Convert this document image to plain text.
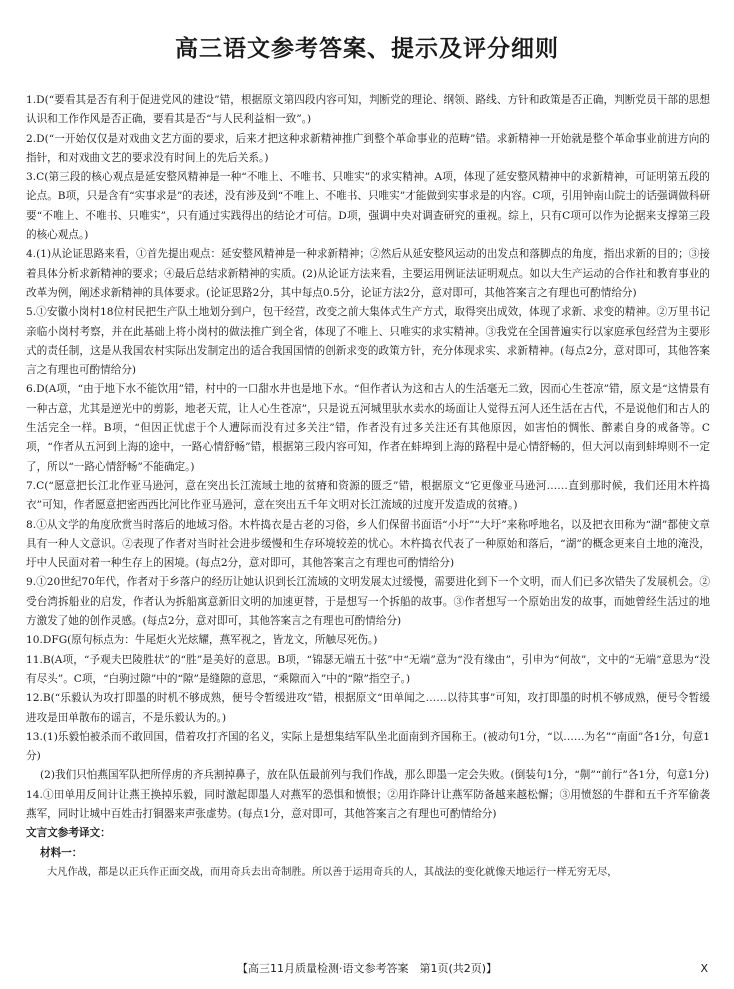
高三语文参考答案、提示及评分细则

1.D(“要看其是否有利于促进党风的建设”错，根据原文第四段内容可知，判断党的理论、纲领、路线、方针和政策是否正确，判断党员干部的思想认识和工作作风是否正确，要看其是否“与人民利益相一致”。)

2.D(“一开始仅仅是对戏曲文艺方面的要求，后来才把这种求新精神推广到整个革命事业的范畴”错。求新精神一开始就是整个革命事业前进方向的指针，和对戏曲文艺的要求没有时间上的先后关系。)

3.C(第三段的核心观点是延安整风精神是一种“不唯上、不唯书、只唯实”的求实精神。A项，体现了延安整风精神中的求新精神，可证明第五段的论点。B项，只是含有“实事求是”的表述，没有涉及到“不唯上、不唯书、只唯实”才能做到实事求是的内容。C项，引用钟南山院士的话强调做科研要“不唯上、不唯书、只唯实”，只有通过实践得出的结论才可信。D项，强调中央对调查研究的重视。综上，只有C项可以作为论据来支撑第三段的核心观点。)

4.(1)从论证思路来看，①首先提出观点：延安整风精神是一种求新精神；②然后从延安整风运动的出发点和落脚点的角度，指出求新的目的；③接着具体分析求新精神的要求；④最后总结求新精神的实质。(2)从论证方法来看，主要运用例证法证明观点。如以大生产运动的合作社和教育事业的改革为例，阐述求新精神的具体要求。(论证思路2分，其中每点0.5分，论证方法2分，意对即可，其他答案言之有理也可酌情给分)

5.①安徽小岗村18位村民把生产队土地划分到户，包干经营，改变之前大集体式生产方式，取得突出成效，体现了求新、求变的精神。②万里书记亲临小岗村考察，并在此基础上将小岗村的做法推广到全省，体现了不唯上、只唯实的求实精神。③我党在全国普遍实行以家庭承包经营为主要形式的责任制，这是从我国农村实际出发制定出的适合我国国情的创新求变的政策方针，充分体现求实、求新精神。(每点2分，意对即可，其他答案言之有理也可酌情给分)

6.D(A项，“由于地下水不能饮用”错，村中的一口甜水井也是地下水。“但作者认为这和古人的生活毫无二致，因而心生苍凉”错，原文是“这情景有一种古意，尤其是逆光中的剪影，地老天荒，让人心生苍凉”，只是说五河城里驮水卖水的场面让人觉得五河人还生活在古代，不是说他们和古人的生活完全一样。B项，“但因正忧虑于个人遭际而没有过多关注”错，作者没有过多关注还有其他原因，如害怕的惆怅、醉素自身的戒备等。C项，“作者从五河到上海的途中，一路心情舒畅”错，根据第三段内容可知，作者在蚌埠到上海的路程中是心情舒畅的，但大河以南到蚌埠则不一定了，所以“一路心情舒畅”不能确定。)

7.C(“愿意把长江北作亚马逊河，意在突出长江流域土地的贫瘠和资源的匮乏”错，根据原文“它更像亚马逊河……直到那时候，我们还用木杵捣衣”可知，作者愿意把密西西比河比作亚马逊河，意在突出五千年文明对长江流域的过度开发造成的贫瘠。)

8.①从文学的角度欣赏当时落后的地域习俗。木杵捣衣是古老的习俗，乡人们保留书面语“小圩”“大圩”来称呼地名，以及把衣田称为“湖”都使文章具有一种人文意识。②表现了作者对当时社会进步缓慢和生存环境较差的忧心。木杵捣衣代表了一种原始和落后，“湖”的概念更来自土地的淹没，圩中人民面对着一种生存上的困境。(每点2分，意对即可，其他答案言之有理也可酌情给分)

9.①20世纪70年代，作者对于乡落户的经历让她认识到长江流域的文明发展太过缓慢，需要进化到下一个文明，而人们已多次错失了发展机会。②受台湾拆船业的启发，作者认为拆船寓意新旧文明的加速更替，于是想写一个拆船的故事。③作者想写一个原始出发的故事，而她曾经生活过的地方激发了她的创作灵感。(每点2分，意对即可，其他答案言之有理也可酌情给分)

10.DFG(原句标点为：牛尾炬火光炫耀，燕军视之，皆龙文，所触尽死伤。)

11.B(A项，“予观夫巴陵胜状”的“胜”是美好的意思。B项，“锦瑟无端五十弦”中“无端”意为“没有缘由”，引申为“何故”，文中的“无端”意思为“没有尽头”。C项，“白驹过隙”中的“隙”是缝隙的意思，“乘隙而入”中的“隙”指空子。)

12.B(“乐毅认为攻打即墨的时机不够成熟，便号令暂缓进攻”错，根据原文“田单闻之……以待其事”可知，攻打即墨的时机不够成熟，便号令暂缓进攻是田单散布的谣言，不是乐毅认为的。)

13.(1)乐毅怕被杀而不敢回国，借着攻打齐国的名义，实际上是想集结军队坐北面南到齐国称王。(被动句1分，“以……为名”“南面”各1分，句意1分)

(2)我们只怕燕国军队把所俘虏的齐兵割掉鼻子，放在队伍最前列与我们作战，那么即墨一定会失败。(倒装句1分，“劓”“前行”各1分，句意1分)

14.①田单用反间计让燕王换掉乐毅，同时激起即墨人对燕军的恐惧和愤恨；②用诈降计让燕军防备越来越松懈；③用愤怒的牛群和五千齐军偷袭燕军，同时让城中百姓击打铜器来声张虚势。(每点1分，意对即可，其他答案言之有理也可酌情给分)

文言文参考译文：

材料一：

大凡作战，都是以正兵作正面交战，而用奇兵去出奇制胜。所以善于运用奇兵的人，其战法的变化就像天地运行一样无穷无尽，

【高三11月质量检测·语文参考答案　第1页(共2页)】	X
